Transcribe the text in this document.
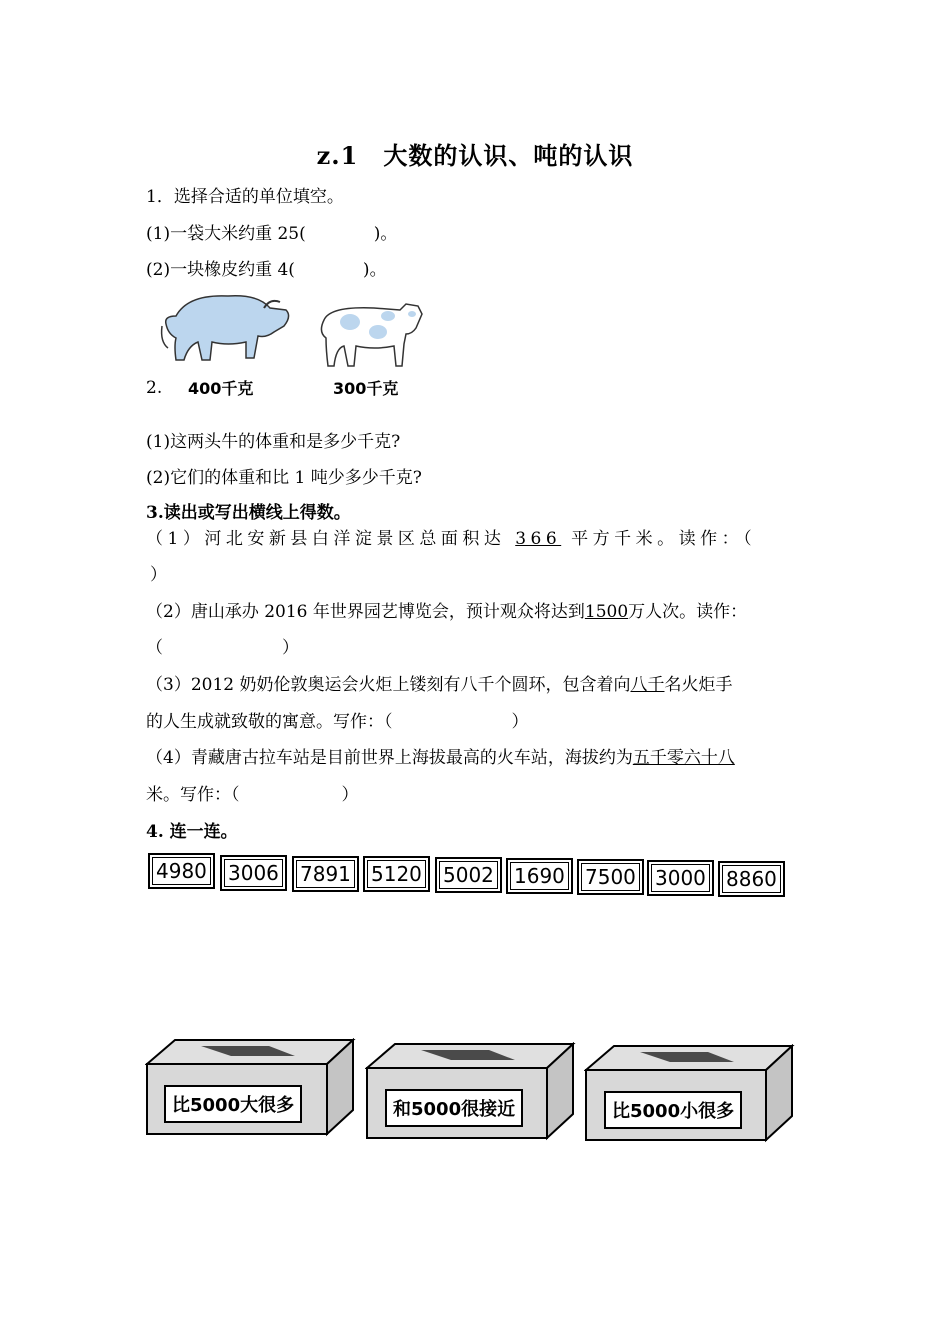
z.1　大数的认识、吨的认识
1．选择合适的单位填空。
(1)一袋大米约重 25(　　　　)。
(2)一块橡皮约重 4(　　　　)。
2. 400千克	300千克
(1)这两头牛的体重和是多少千克?
(2)它们的体重和比 1 吨少多少千克?
3.读出或写出横线上得数。
（1）河北安新县白洋淀景区总面积达 366 平方千米。读作：（
）
（2）唐山承办 2016 年世界园艺博览会，预计观众将达到1500万人次。读作：
（　　　　　　　）
（3）2012 奶奶伦敦奥运会火炬上镂刻有八千个圆环，包含着向八千名火炬手
的人生成就致敬的寓意。写作：（　　　　　　　）
（4）青藏唐古拉车站是目前世界上海拔最高的火车站，海拔约为五千零六十八
米。写作：（　　　　　　）
4. 连一连。
4980 3006 7891 5120 5002 1690 7500 3000 8860
比5000大很多	和5000很接近	比5000小很多
